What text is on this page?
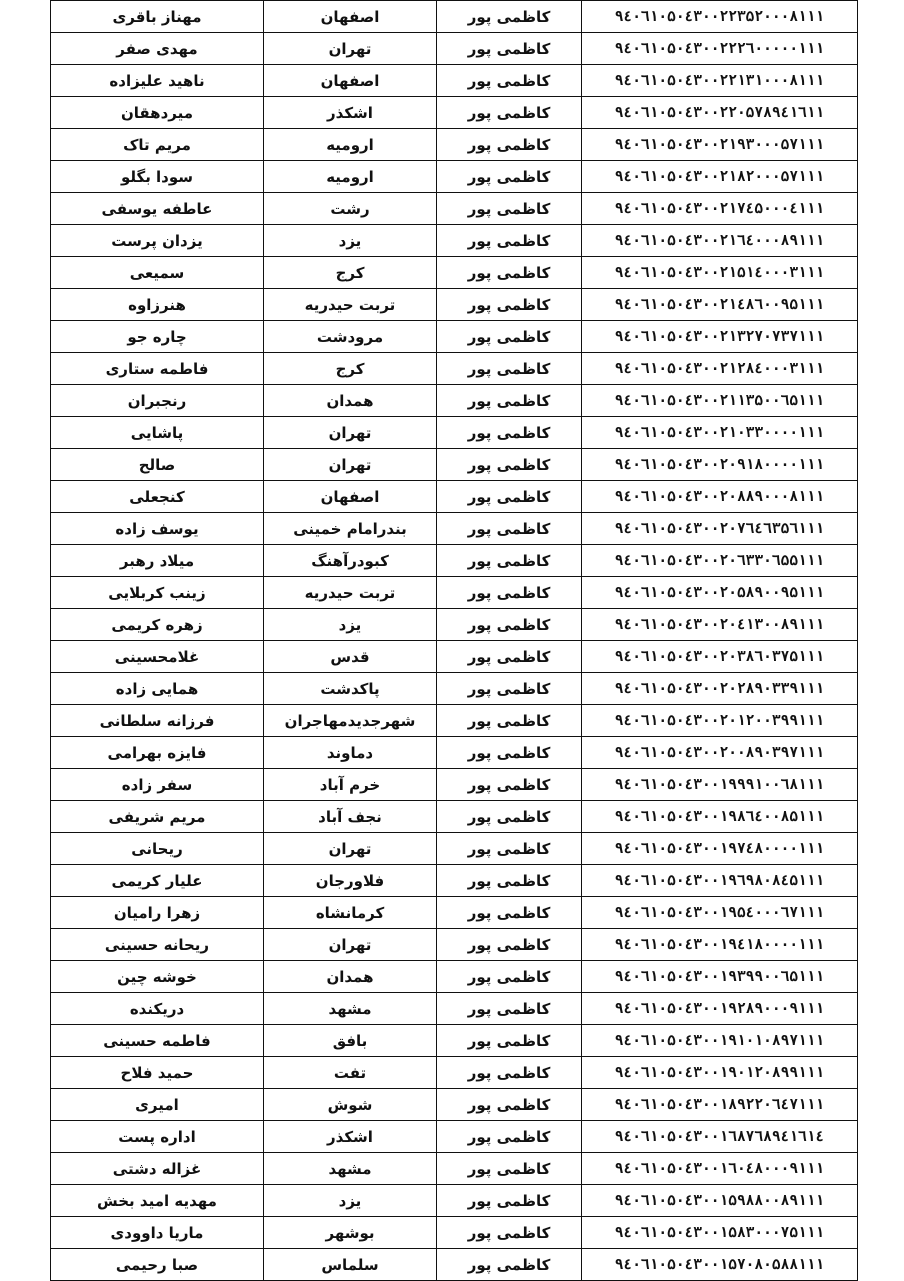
مهناز باقری	اصفهان	کاظمی پور	۹٤۰٦۱۰۵۰٤۳۰۰۲۲۳۵۲۰۰۰۸۱۱۱
مهدی صفر	تهران	کاظمی پور	۹٤۰٦۱۰۵۰٤۳۰۰۲۲۲٦۰۰۰۰۰۱۱۱
ناهید علیزاده	اصفهان	کاظمی پور	۹٤۰٦۱۰۵۰٤۳۰۰۲۲۱۳۱۰۰۰۸۱۱۱
میردهقان	اشکذر	کاظمی پور	۹٤۰٦۱۰۵۰٤۳۰۰۲۲۰۵۷۸۹٤۱٦۱۱
مریم تاک	ارومیه	کاظمی پور	۹٤۰٦۱۰۵۰٤۳۰۰۲۱۹۳۰۰۰۵۷۱۱۱
سودا بگلو	ارومیه	کاظمی پور	۹٤۰٦۱۰۵۰٤۳۰۰۲۱۸۲۰۰۰۵۷۱۱۱
عاطفه یوسفی	رشت	کاظمی پور	۹٤۰٦۱۰۵۰٤۳۰۰۲۱۷٤۵۰۰۰٤۱۱۱
یزدان پرست	یزد	کاظمی پور	۹٤۰٦۱۰۵۰٤۳۰۰۲۱٦٤۰۰۰۸۹۱۱۱
سمیعی	کرج	کاظمی پور	۹٤۰٦۱۰۵۰٤۳۰۰۲۱۵۱٤۰۰۰۳۱۱۱
هنرزاوه	تربت حیدریه	کاظمی پور	۹٤۰٦۱۰۵۰٤۳۰۰۲۱٤۸٦۰۰۹۵۱۱۱
چاره جو	مرودشت	کاظمی پور	۹٤۰٦۱۰۵۰٤۳۰۰۲۱۳۲۷۰۷۳۷۱۱۱
فاطمه ستاری	کرج	کاظمی پور	۹٤۰٦۱۰۵۰٤۳۰۰۲۱۲۸٤۰۰۰۳۱۱۱
رنجبران	همدان	کاظمی پور	۹٤۰٦۱۰۵۰٤۳۰۰۲۱۱۳۵۰۰٦۵۱۱۱
پاشایی	تهران	کاظمی پور	۹٤۰٦۱۰۵۰٤۳۰۰۲۱۰۳۳۰۰۰۰۱۱۱
صالح	تهران	کاظمی پور	۹٤۰٦۱۰۵۰٤۳۰۰۲۰۹۱۸۰۰۰۰۱۱۱
کنجعلی	اصفهان	کاظمی پور	۹٤۰٦۱۰۵۰٤۳۰۰۲۰۸۸۹۰۰۰۸۱۱۱
یوسف زاده	بندرامام خمینی	کاظمی پور	۹٤۰٦۱۰۵۰٤۳۰۰۲۰۷٦٤٦۳۵٦۱۱۱
میلاد رهبر	کبودرآهنگ	کاظمی پور	۹٤۰٦۱۰۵۰٤۳۰۰۲۰٦۳۳۰٦۵۵۱۱۱
زینب کربلایی	تربت حیدریه	کاظمی پور	۹٤۰٦۱۰۵۰٤۳۰۰۲۰۵۸۹۰۰۹۵۱۱۱
زهره کریمی	یزد	کاظمی پور	۹٤۰٦۱۰۵۰٤۳۰۰۲۰٤۱۳۰۰۸۹۱۱۱
غلامحسینی	قدس	کاظمی پور	۹٤۰٦۱۰۵۰٤۳۰۰۲۰۳۸٦۰۳۷۵۱۱۱
همایی زاده	پاکدشت	کاظمی پور	۹٤۰٦۱۰۵۰٤۳۰۰۲۰۲۸۹۰۳۳۹۱۱۱
فرزانه سلطانی	شهرجدیدمهاجران	کاظمی پور	۹٤۰٦۱۰۵۰٤۳۰۰۲۰۱۲۰۰۳۹۹۱۱۱
فایزه بهرامی	دماوند	کاظمی پور	۹٤۰٦۱۰۵۰٤۳۰۰۲۰۰۸۹۰۳۹۷۱۱۱
سفر زاده	خرم آباد	کاظمی پور	۹٤۰٦۱۰۵۰٤۳۰۰۱۹۹۹۱۰۰٦۸۱۱۱
مریم شریفی	نجف آباد	کاظمی پور	۹٤۰٦۱۰۵۰٤۳۰۰۱۹۸٦٤۰۰۸۵۱۱۱
ریحانی	تهران	کاظمی پور	۹٤۰٦۱۰۵۰٤۳۰۰۱۹۷٤۸۰۰۰۰۱۱۱
علیار کریمی	فلاورجان	کاظمی پور	۹٤۰٦۱۰۵۰٤۳۰۰۱۹٦۹۸۰۸٤۵۱۱۱
زهرا رامیان	کرمانشاه	کاظمی پور	۹٤۰٦۱۰۵۰٤۳۰۰۱۹۵٤۰۰۰٦۷۱۱۱
ریحانه حسینی	تهران	کاظمی پور	۹٤۰٦۱۰۵۰٤۳۰۰۱۹٤۱۸۰۰۰۰۱۱۱
خوشه چین	همدان	کاظمی پور	۹٤۰٦۱۰۵۰٤۳۰۰۱۹۳۹۹۰۰٦۵۱۱۱
دریکنده	مشهد	کاظمی پور	۹٤۰٦۱۰۵۰٤۳۰۰۱۹۲۸۹۰۰۰۹۱۱۱
فاطمه حسینی	بافق	کاظمی پور	۹٤۰٦۱۰۵۰٤۳۰۰۱۹۱۰۱۰۸۹۷۱۱۱
حمید فلاح	تفت	کاظمی پور	۹٤۰٦۱۰۵۰٤۳۰۰۱۹۰۱۲۰۸۹۹۱۱۱
امیری	شوش	کاظمی پور	۹٤۰٦۱۰۵۰٤۳۰۰۱۸۹۲۲۰٦٤۷۱۱۱
اداره پست	اشکذر	کاظمی پور	۹٤۰٦۱۰۵۰٤۳۰۰۱٦۸۷٦۸۹٤۱٦۱٤
غزاله دشتی	مشهد	کاظمی پور	۹٤۰٦۱۰۵۰٤۳۰۰۱٦۰٤۸۰۰۰۹۱۱۱
مهدیه امید بخش	یزد	کاظمی پور	۹٤۰٦۱۰۵۰٤۳۰۰۱۵۹۸۸۰۰۸۹۱۱۱
ماریا داوودی	بوشهر	کاظمی پور	۹٤۰٦۱۰۵۰٤۳۰۰۱۵۸۳۰۰۰۷۵۱۱۱
صبا رحیمی	سلماس	کاظمی پور	۹٤۰٦۱۰۵۰٤۳۰۰۱۵۷۰۸۰۵۸۸۱۱۱
